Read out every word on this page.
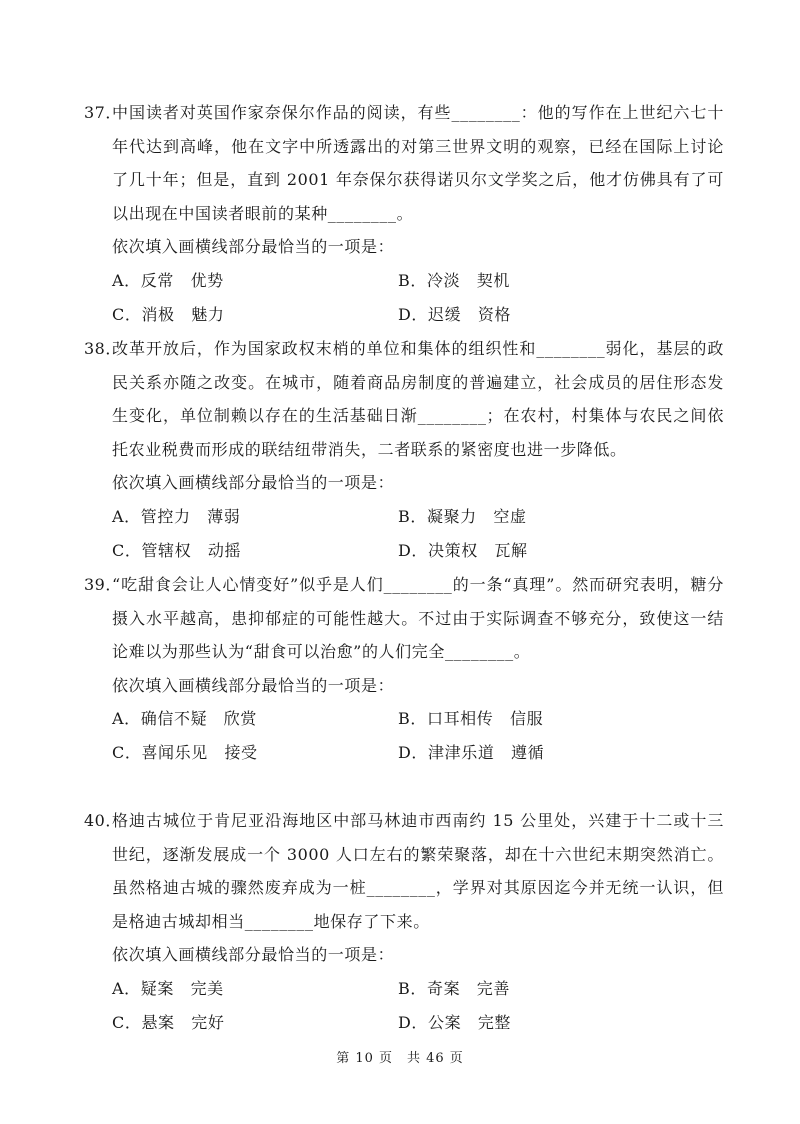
37．
中国读者对英国作家奈保尔作品的阅读，有些________：他的写作在上世纪六七十年代达到高峰，他在文字中所透露出的对第三世界文明的观察，已经在国际上讨论了几十年；但是，直到 2001 年奈保尔获得诺贝尔文学奖之后，他才仿佛具有了可以出现在中国读者眼前的某种________。
依次填入画横线部分最恰当的一项是：
A．反常　优势	B．冷淡　契机
C．消极　魅力	D．迟缓　资格
38．
改革开放后，作为国家政权末梢的单位和集体的组织性和________弱化，基层的政民关系亦随之改变。在城市，随着商品房制度的普遍建立，社会成员的居住形态发生变化，单位制赖以存在的生活基础日渐________；在农村，村集体与农民之间依托农业税费而形成的联结纽带消失，二者联系的紧密度也进一步降低。
依次填入画横线部分最恰当的一项是：
A．管控力　薄弱	B．凝聚力　空虚
C．管辖权　动摇	D．决策权　瓦解
39．
“吃甜食会让人心情变好”似乎是人们________的一条“真理”。然而研究表明，糖分摄入水平越高，患抑郁症的可能性越大。不过由于实际调查不够充分，致使这一结论难以为那些认为“甜食可以治愈”的人们完全________。
依次填入画横线部分最恰当的一项是：
A．确信不疑　欣赏	B．口耳相传　信服
C．喜闻乐见　接受	D．津津乐道　遵循
40．
格迪古城位于肯尼亚沿海地区中部马林迪市西南约 15 公里处，兴建于十二或十三世纪，逐渐发展成一个 3000 人口左右的繁荣聚落，却在十六世纪末期突然消亡。虽然格迪古城的骤然废弃成为一桩________，学界对其原因迄今并无统一认识，但是格迪古城却相当________地保存了下来。
依次填入画横线部分最恰当的一项是：
A．疑案　完美	B．奇案　完善
C．悬案　完好	D．公案　完整
第 10 页　共 46 页
